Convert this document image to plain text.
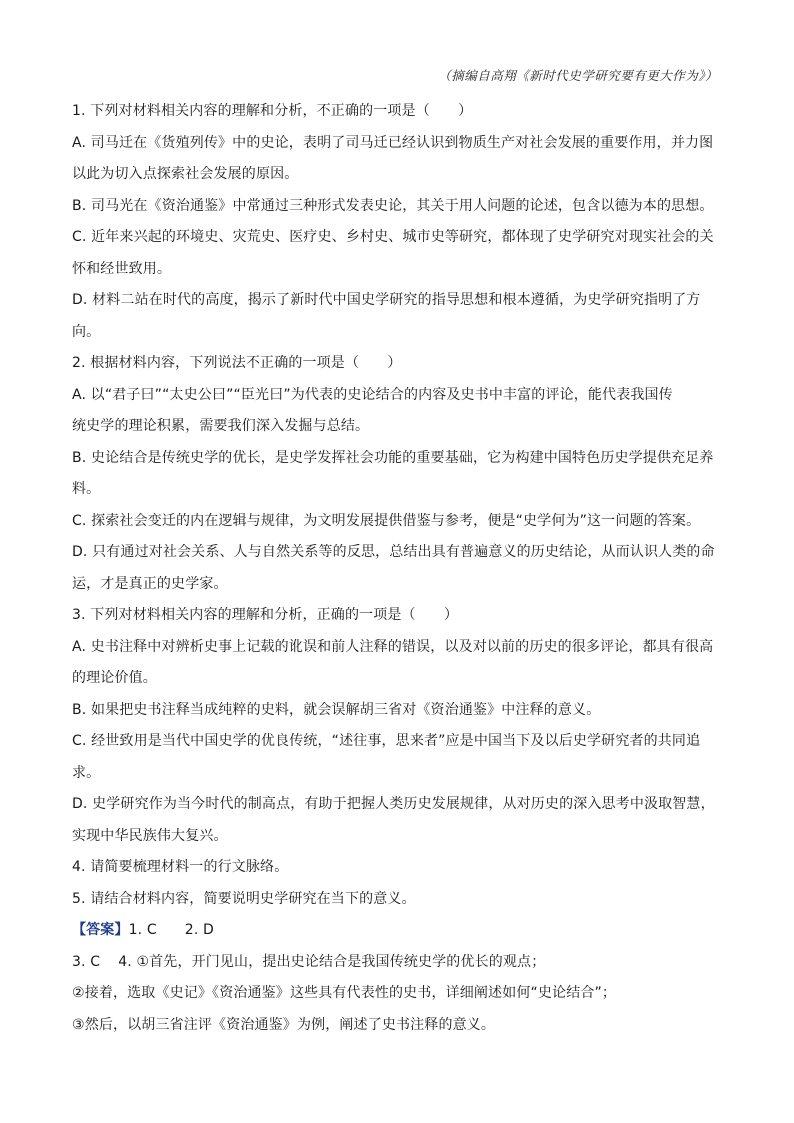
（摘编自高翔《新时代史学研究要有更大作为》）
1. 下列对材料相关内容的理解和分析，不正确的一项是（　　）
A. 司马迁在《货殖列传》中的史论，表明了司马迁已经认识到物质生产对社会发展的重要作用，并力图
以此为切入点探索社会发展的原因。
B. 司马光在《资治通鉴》中常通过三种形式发表史论，其关于用人问题的论述，包含以德为本的思想。
C. 近年来兴起的环境史、灾荒史、医疗史、乡村史、城市史等研究，都体现了史学研究对现实社会的关
怀和经世致用。
D. 材料二站在时代的高度，揭示了新时代中国史学研究的指导思想和根本遵循，为史学研究指明了方
向。
2. 根据材料内容，下列说法不正确的一项是（　　）
A. 以“君子曰”“太史公曰”“臣光曰”为代表的史论结合的内容及史书中丰富的评论，能代表我国传
统史学的理论积累，需要我们深入发掘与总结。
B. 史论结合是传统史学的优长，是史学发挥社会功能的重要基础，它为构建中国特色历史学提供充足养
料。
C. 探索社会变迁的内在逻辑与规律，为文明发展提供借鉴与参考，便是“史学何为”这一问题的答案。
D. 只有通过对社会关系、人与自然关系等的反思，总结出具有普遍意义的历史结论，从而认识人类的命
运，才是真正的史学家。
3. 下列对材料相关内容的理解和分析，正确的一项是（　　）
A. 史书注释中对辨析史事上记载的讹误和前人注释的错误，以及对以前的历史的很多评论，都具有很高
的理论价值。
B. 如果把史书注释当成纯粹的史料，就会误解胡三省对《资治通鉴》中注释的意义。
C. 经世致用是当代中国史学的优良传统，“述往事，思来者”应是中国当下及以后史学研究者的共同追
求。
D. 史学研究作为当今时代的制高点，有助于把握人类历史发展规律，从对历史的深入思考中汲取智慧，
实现中华民族伟大复兴。
4. 请简要梳理材料一的行文脉络。
5. 请结合材料内容，简要说明史学研究在当下的意义。
【答案】1. C 2. D
3. C 4. ①首先，开门见山，提出史论结合是我国传统史学的优长的观点；
②接着，选取《史记》《资治通鉴》这些具有代表性的史书，详细阐述如何“史论结合”；
③然后，以胡三省注评《资治通鉴》为例，阐述了史书注释的意义。
